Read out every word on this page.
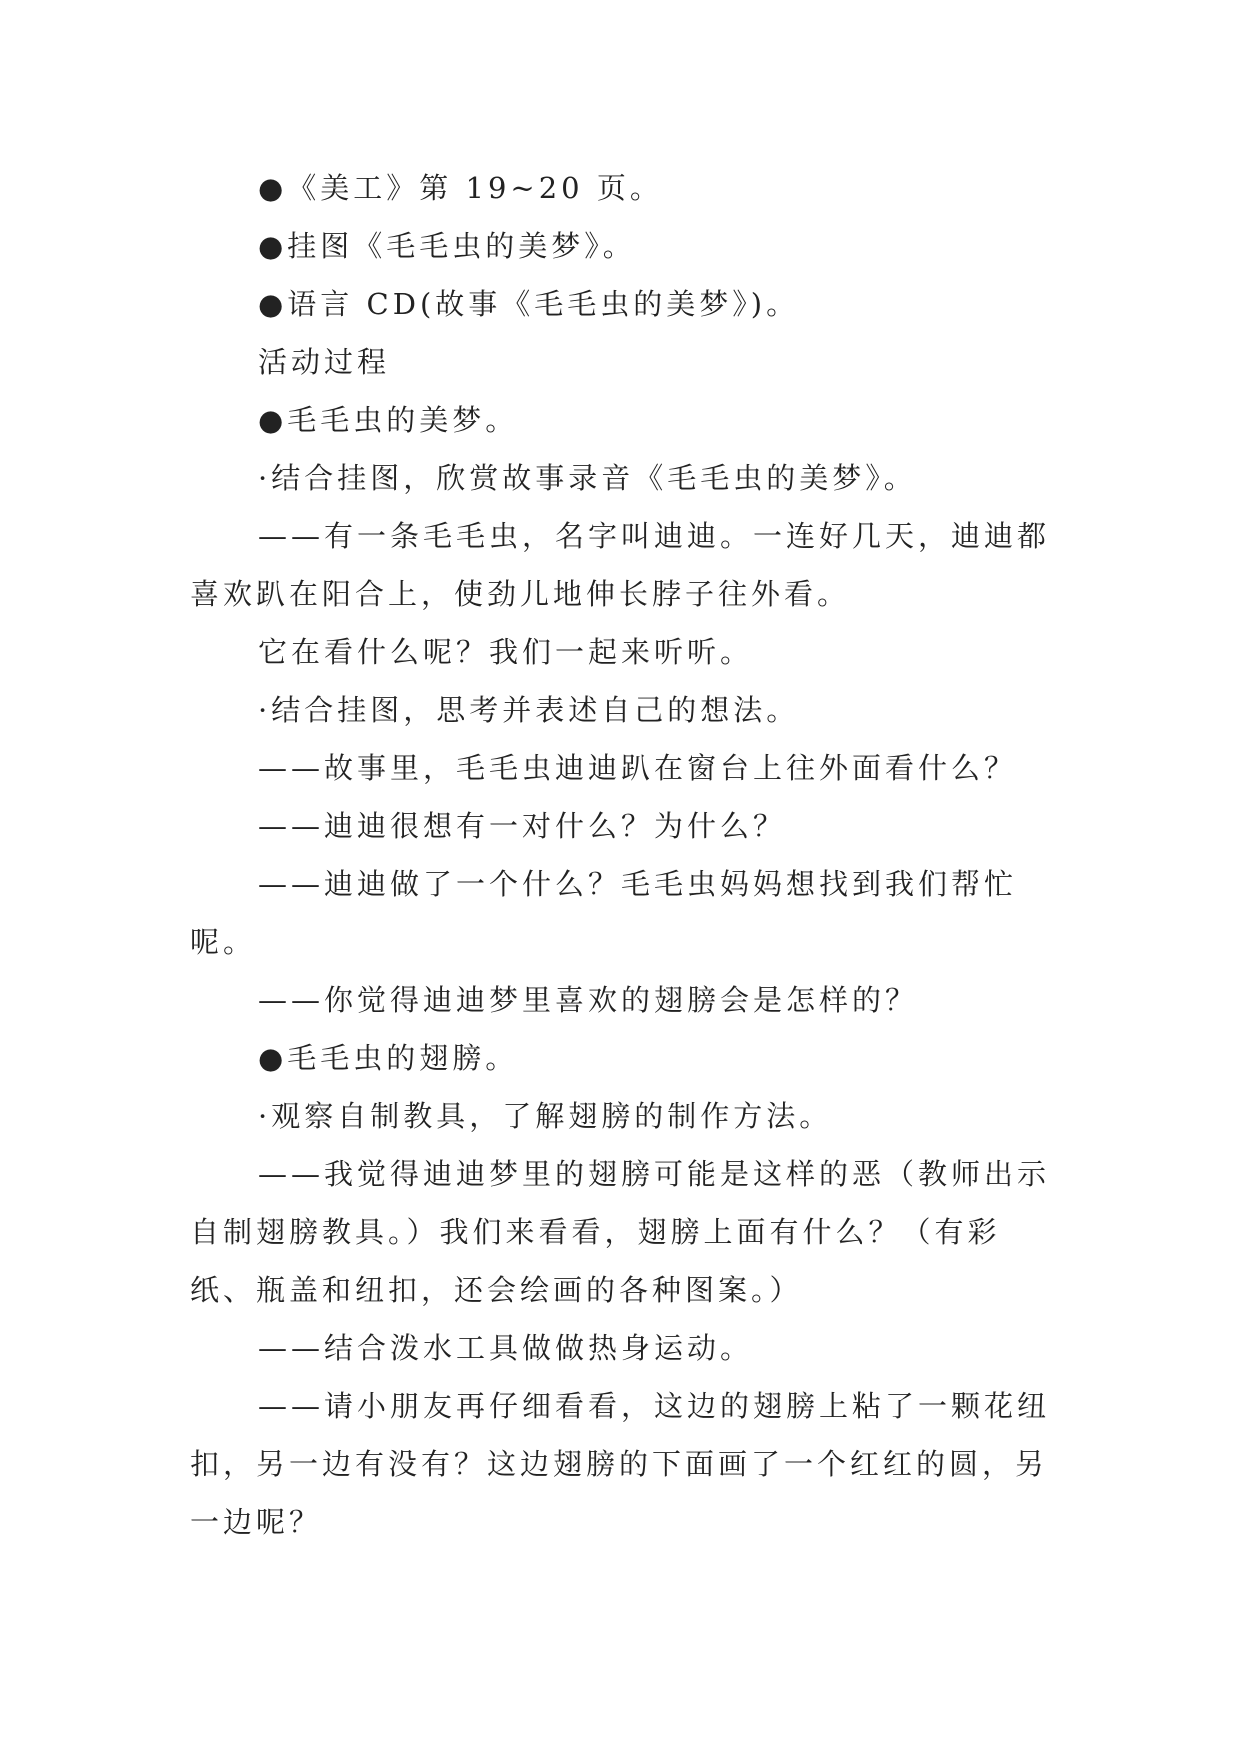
●《美工》第 19~20 页。

●挂图《毛毛虫的美梦》。

●语言 CD(故事《毛毛虫的美梦》)。

活动过程

●毛毛虫的美梦。

·结合挂图，欣赏故事录音《毛毛虫的美梦》。

——有一条毛毛虫，名字叫迪迪。一连好几天，迪迪都喜欢趴在阳合上，使劲儿地伸长脖子往外看。

它在看什么呢？我们一起来听听。

·结合挂图，思考并表述自己的想法。

——故事里，毛毛虫迪迪趴在窗台上往外面看什么？

——迪迪很想有一对什么？为什么？

——迪迪做了一个什么？毛毛虫妈妈想找到我们帮忙呢。

——你觉得迪迪梦里喜欢的翅膀会是怎样的？

●毛毛虫的翅膀。

·观察自制教具，了解翅膀的制作方法。

——我觉得迪迪梦里的翅膀可能是这样的恶（教师出示自制翅膀教具。）我们来看看，翅膀上面有什么？（有彩纸、瓶盖和纽扣，还会绘画的各种图案。）

——结合泼水工具做做热身运动。

——请小朋友再仔细看看，这边的翅膀上粘了一颗花纽扣，另一边有没有？这边翅膀的下面画了一个红红的圆，另一边呢？
